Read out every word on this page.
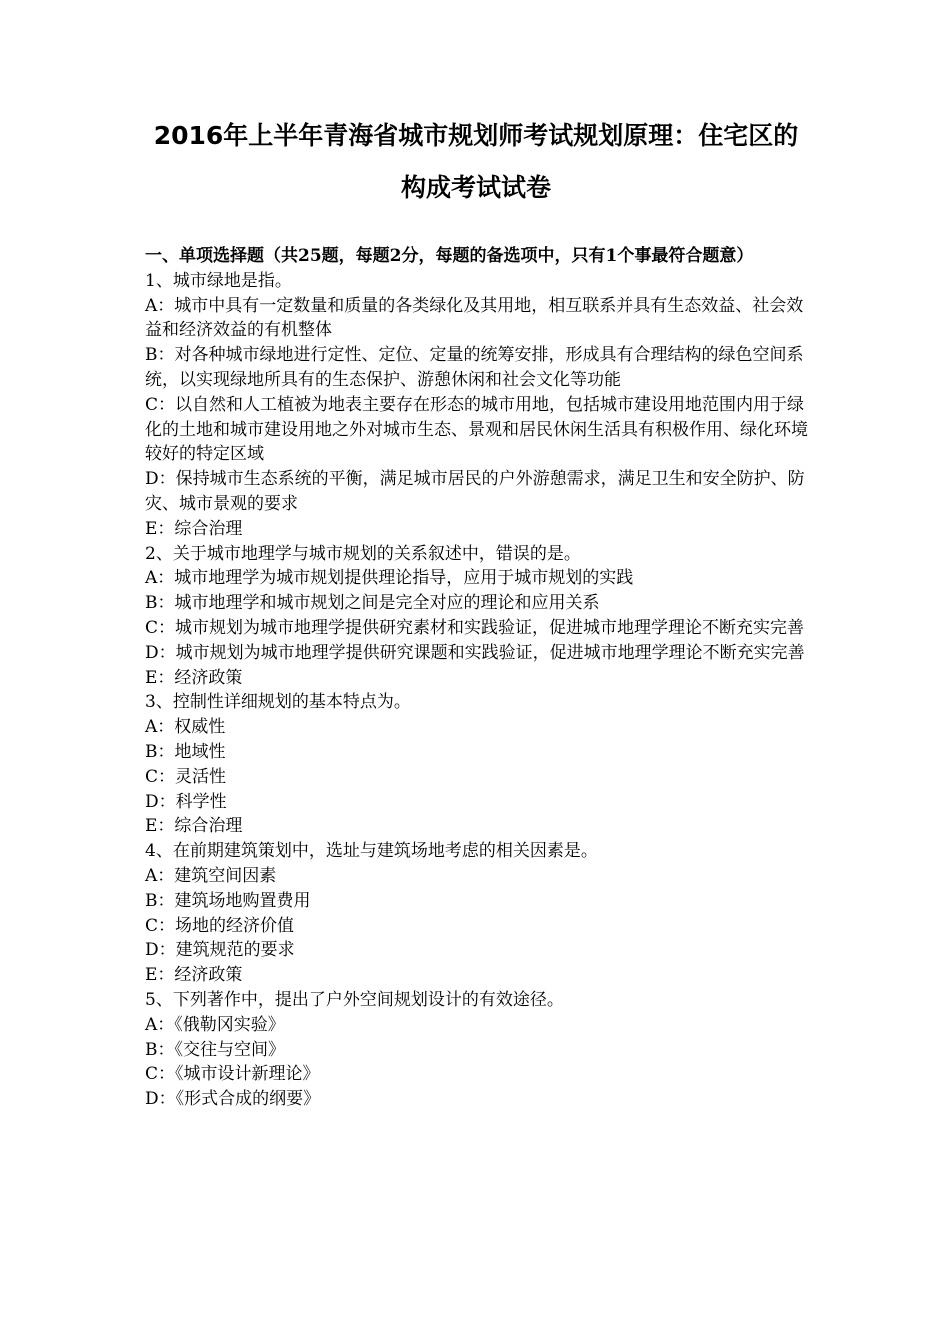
2016年上半年青海省城市规划师考试规划原理：住宅区的
构成考试试卷

一、单项选择题（共25题，每题2分，每题的备选项中，只有1个事最符合题意）

1、城市绿地是指。

A：城市中具有一定数量和质量的各类绿化及其用地，相互联系并具有生态效益、社会效益和经济效益的有机整体

B：对各种城市绿地进行定性、定位、定量的统筹安排，形成具有合理结构的绿色空间系统，以实现绿地所具有的生态保护、游憩休闲和社会文化等功能

C：以自然和人工植被为地表主要存在形态的城市用地，包括城市建设用地范围内用于绿化的土地和城市建设用地之外对城市生态、景观和居民休闲生活具有积极作用、绿化环境较好的特定区域

D：保持城市生态系统的平衡，满足城市居民的户外游憩需求，满足卫生和安全防护、防灾、城市景观的要求

E：综合治理

2、关于城市地理学与城市规划的关系叙述中，错误的是。

A：城市地理学为城市规划提供理论指导，应用于城市规划的实践

B：城市地理学和城市规划之间是完全对应的理论和应用关系

C：城市规划为城市地理学提供研究素材和实践验证，促进城市地理学理论不断充实完善

D：城市规划为城市地理学提供研究课题和实践验证，促进城市地理学理论不断充实完善

E：经济政策

3、控制性详细规划的基本特点为。

A：权威性

B：地域性

C：灵活性

D：科学性

E：综合治理

4、在前期建筑策划中，选址与建筑场地考虑的相关因素是。

A：建筑空间因素

B：建筑场地购置费用

C：场地的经济价值

D：建筑规范的要求

E：经济政策

5、下列著作中，提出了户外空间规划设计的有效途径。

A：《俄勒冈实验》

B：《交往与空间》

C：《城市设计新理论》

D：《形式合成的纲要》
